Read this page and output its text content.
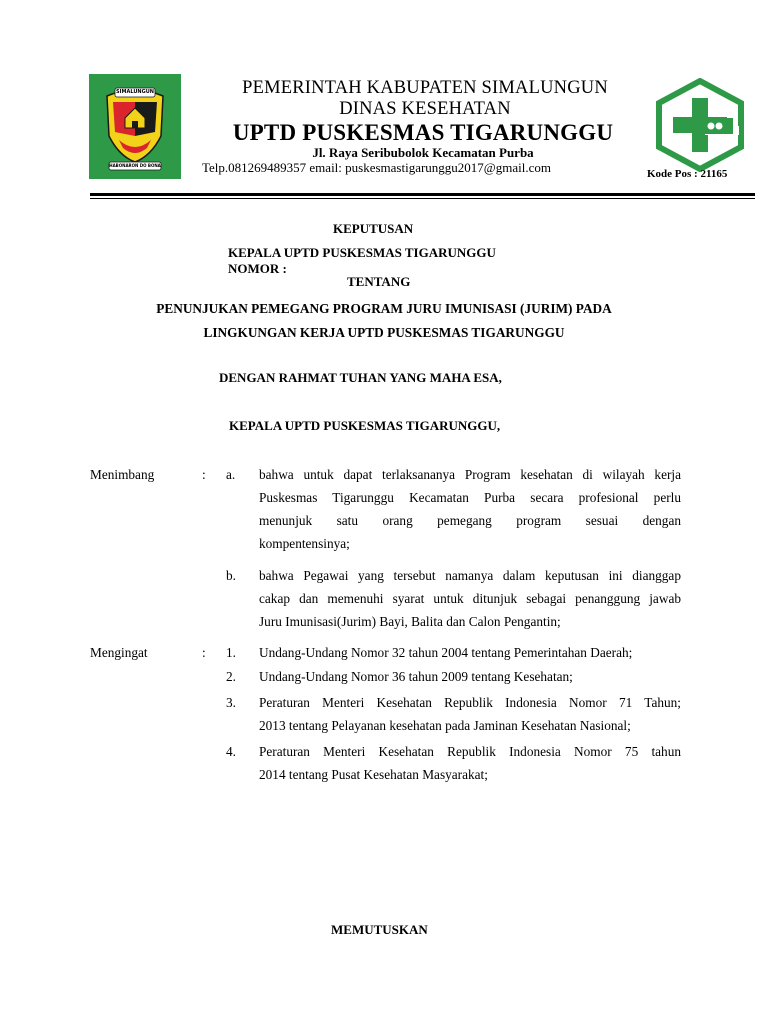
SIMALUNGUN
HABONARON DO BONA
PEMERINTAH KABUPATEN SIMALUNGUN
DINAS KESEHATAN
UPTD PUSKESMAS TIGARUNGGU
Jl. Raya Seribubolok Kecamatan Purba
Telp.081269489357 email: puskesmastigarunggu2017@gmail.com	Kode Pos : 21165
KEPUTUSAN
KEPALA UPTD PUSKESMAS TIGARUNGGU
NOMOR :
TENTANG
PENUNJUKAN PEMEGANG PROGRAM JURU IMUNISASI (JURIM) PADA
LINGKUNGAN KERJA UPTD PUSKESMAS TIGARUNGGU
DENGAN RAHMAT TUHAN YANG MAHA ESA,
KEPALA UPTD PUSKESMAS TIGARUNGGU,
Menimbang	: a. bahwa untuk dapat terlaksananya Program kesehatan di wilayah kerja
Puskesmas Tigarunggu Kecamatan Purba secara profesional perlu
menunjuk satu orang pemegang program sesuai dengan
kompentensinya;
b. bahwa Pegawai yang tersebut namanya dalam keputusan ini dianggap
cakap dan memenuhi syarat untuk ditunjuk sebagai penanggung jawab
Juru Imunisasi(Jurim) Bayi, Balita dan Calon Pengantin;
Mengingat	: 1. Undang-Undang Nomor 32 tahun 2004 tentang Pemerintahan Daerah;
2. Undang-Undang Nomor 36 tahun 2009 tentang Kesehatan;
3. Peraturan Menteri Kesehatan Republik Indonesia Nomor 71 Tahun;
2013 tentang Pelayanan kesehatan pada Jaminan Kesehatan Nasional;
4. Peraturan Menteri Kesehatan Republik Indonesia Nomor 75 tahun
2014 tentang Pusat Kesehatan Masyarakat;
MEMUTUSKAN
